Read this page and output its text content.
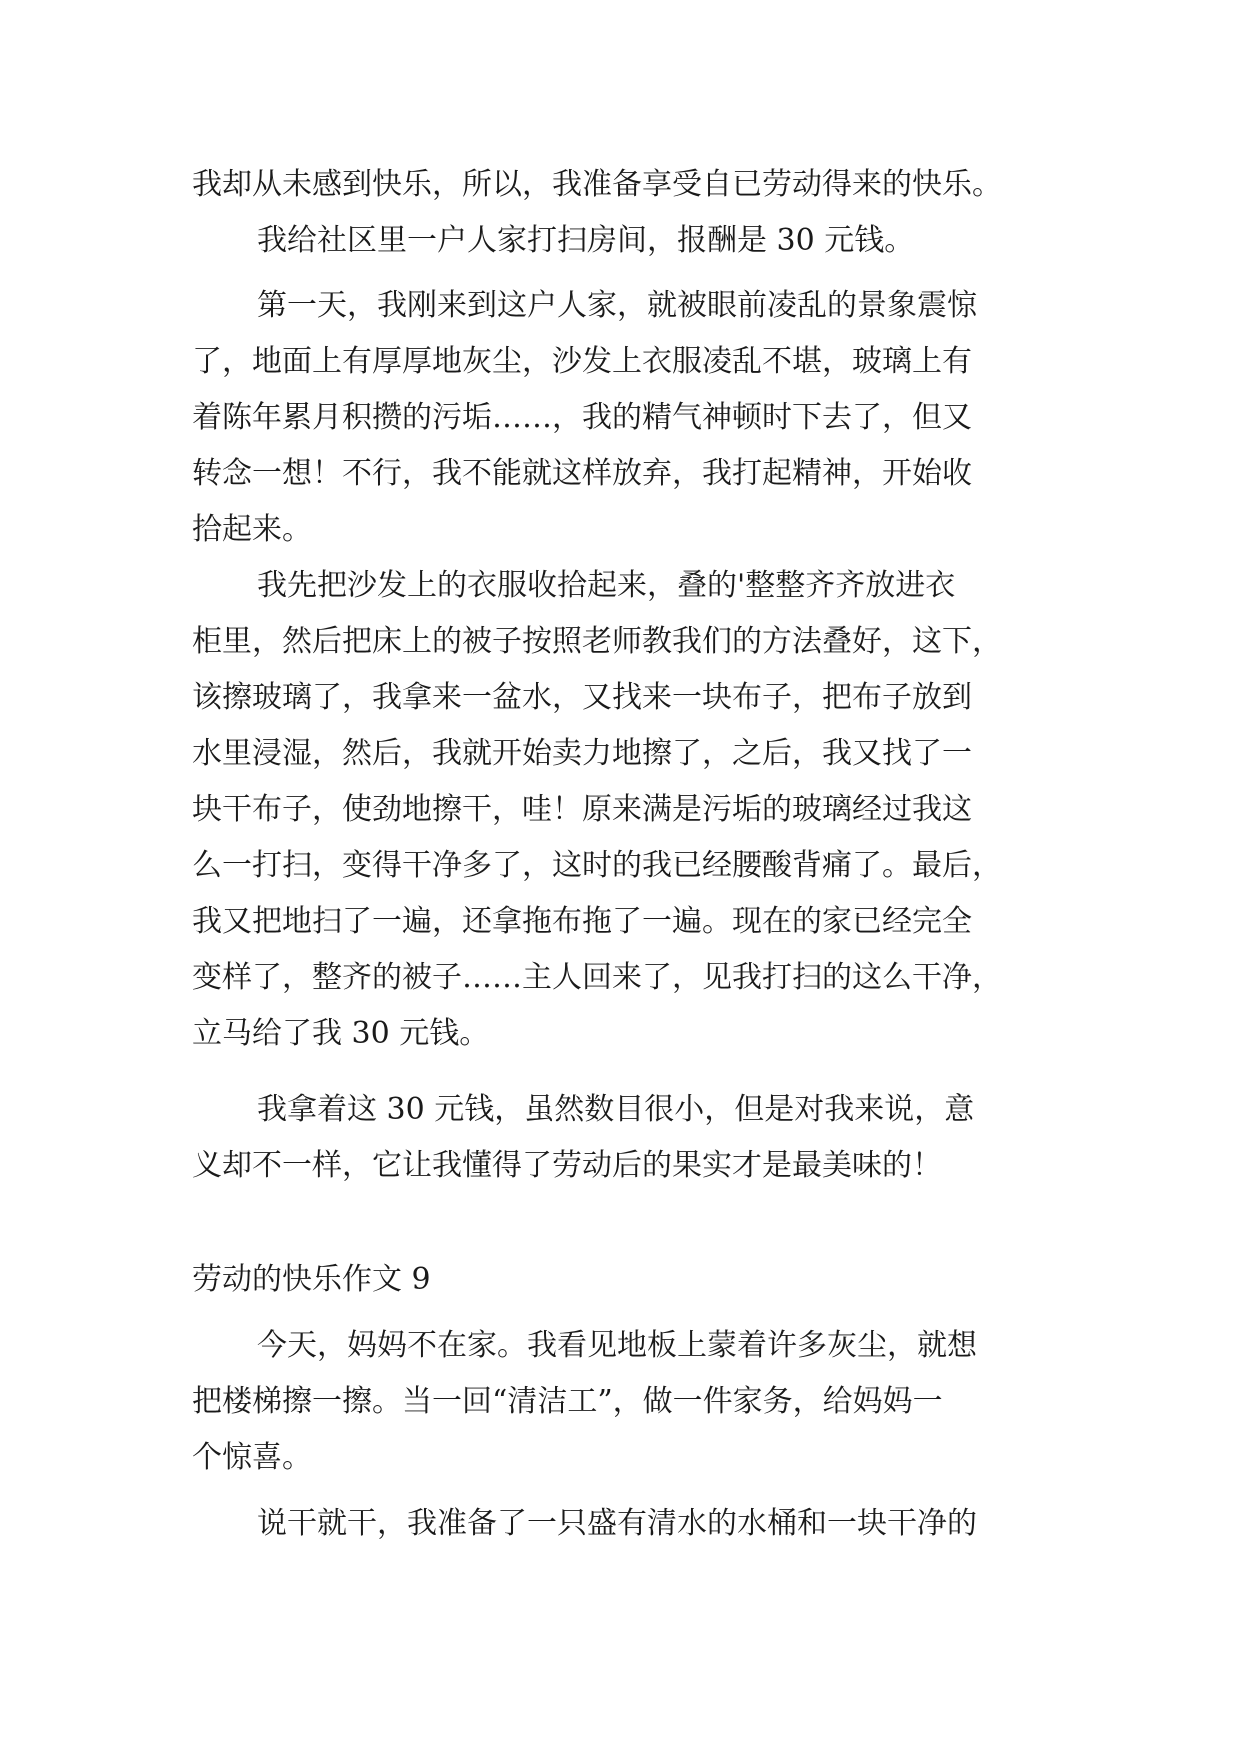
我却从未感到快乐，所以，我准备享受自已劳动得来的快乐。
我给社区里一户人家打扫房间，报酬是 30 元钱。
第一天，我刚来到这户人家，就被眼前凌乱的景象震惊
了，地面上有厚厚地灰尘，沙发上衣服凌乱不堪，玻璃上有
着陈年累月积攒的污垢……，我的精气神顿时下去了，但又
转念一想！不行，我不能就这样放弃，我打起精神，开始收
拾起来。
我先把沙发上的衣服收拾起来，叠的'整整齐齐放进衣
柜里，然后把床上的被子按照老师教我们的方法叠好，这下，
该擦玻璃了，我拿来一盆水，又找来一块布子，把布子放到
水里浸湿，然后，我就开始卖力地擦了，之后，我又找了一
块干布子，使劲地擦干，哇！原来满是污垢的玻璃经过我这
么一打扫，变得干净多了，这时的我已经腰酸背痛了。最后，
我又把地扫了一遍，还拿拖布拖了一遍。现在的家已经完全
变样了，整齐的被子……主人回来了，见我打扫的这么干净，
立马给了我 30 元钱。
我拿着这 30 元钱，虽然数目很小，但是对我来说，意
义却不一样，它让我懂得了劳动后的果实才是最美味的！
劳动的快乐作文 9
今天，妈妈不在家。我看见地板上蒙着许多灰尘，就想
把楼梯擦一擦。当一回“清洁工”，做一件家务，给妈妈一
个惊喜。
说干就干，我准备了一只盛有清水的水桶和一块干净的
